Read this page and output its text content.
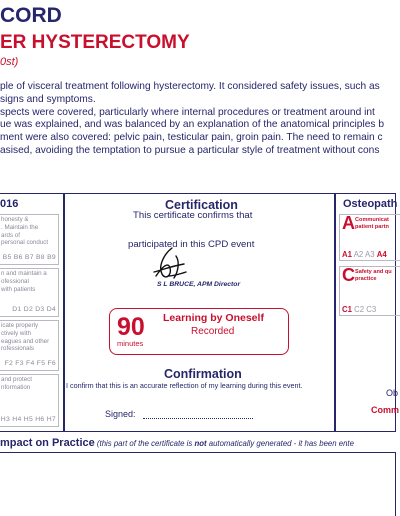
CORD
ER HYSTERECTOMY
0st)
ple of visceral treatment following hysterectomy. It considered safety issues, such as
signs and symptoms.
spects were covered, particularly where internal procedures or treatment around int
ue was explained, and was balanced by an explanation of the anatomical principles b
ment were also covered: pelvic pain, testicular pain, groin pain. The need to remain c
asised, avoiding the temptation to pursue a particular style of treatment without cons
016
honesty &
. Maintain the
ards of
personal conduct
B5 B6 B7 B8 B9
n and maintain a
ofessional
with patients
D1 D2 D3 D4
icate properly
ctively with
eagues and other
rofessionals
F2 F3 F4 F5 F6
and protect
nformation
H3 H4 H5 H6 H7
Certification
This certificate confirms that
participated in this CPD event
S L BRUCE, APM Director
90
minutes
Learning by Oneself
Recorded
Confirmation
I confirm that this is an accurate reflection of my learning during this event.
Signed:
Osteopath
A Communicat
patient partn
A1 A2 A3 A4
C Safety and qu
practice
C1 C2 C3
Ob
Comm
mpact on Practice (this part of the certificate is not automatically generated - it has been ente
